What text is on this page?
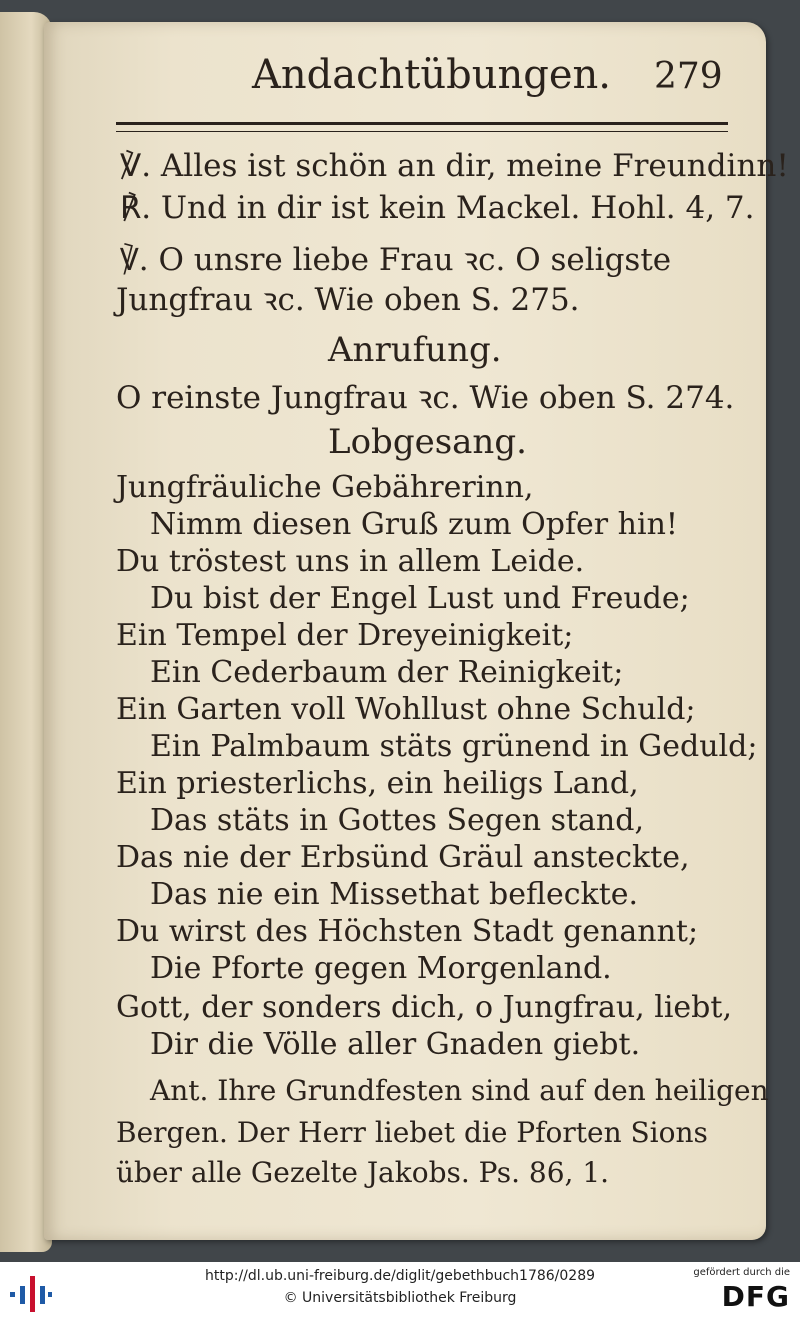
Andachtübungen. 279
℣. Alles ist schön an dir, meine Freundinn!
℟. Und in dir ist kein Mackel. Hohl. 4, 7.
℣. O unsre liebe Frau ꝛc. O seligste
Jungfrau ꝛc. Wie oben S. 275.
Anrufung.
O reinste Jungfrau ꝛc. Wie oben S. 274.
Lobgesang.
Jungfräuliche Gebährerinn,
Nimm diesen Gruß zum Opfer hin!
Du tröstest uns in allem Leide.
Du bist der Engel Lust und Freude;
Ein Tempel der Dreyeinigkeit;
Ein Cederbaum der Reinigkeit;
Ein Garten voll Wohllust ohne Schuld;
Ein Palmbaum stäts grünend in Geduld;
Ein priesterlichs, ein heiligs Land,
Das stäts in Gottes Segen stand,
Das nie der Erbsünd Gräul ansteckte,
Das nie ein Missethat befleckte.
Du wirst des Höchsten Stadt genannt;
Die Pforte gegen Morgenland.
Gott, der sonders dich, o Jungfrau, liebt,
Dir die Völle aller Gnaden giebt.
Ant. Ihre Grundfesten sind auf den heiligen
Bergen. Der Herr liebet die Pforten Sions
über alle Gezelte Jakobs. Ps. 86, 1.
http://dl.ub.uni-freiburg.de/diglit/gebethbuch1786/0289
© Universitätsbibliothek Freiburg
gefördert durch die
DFG
